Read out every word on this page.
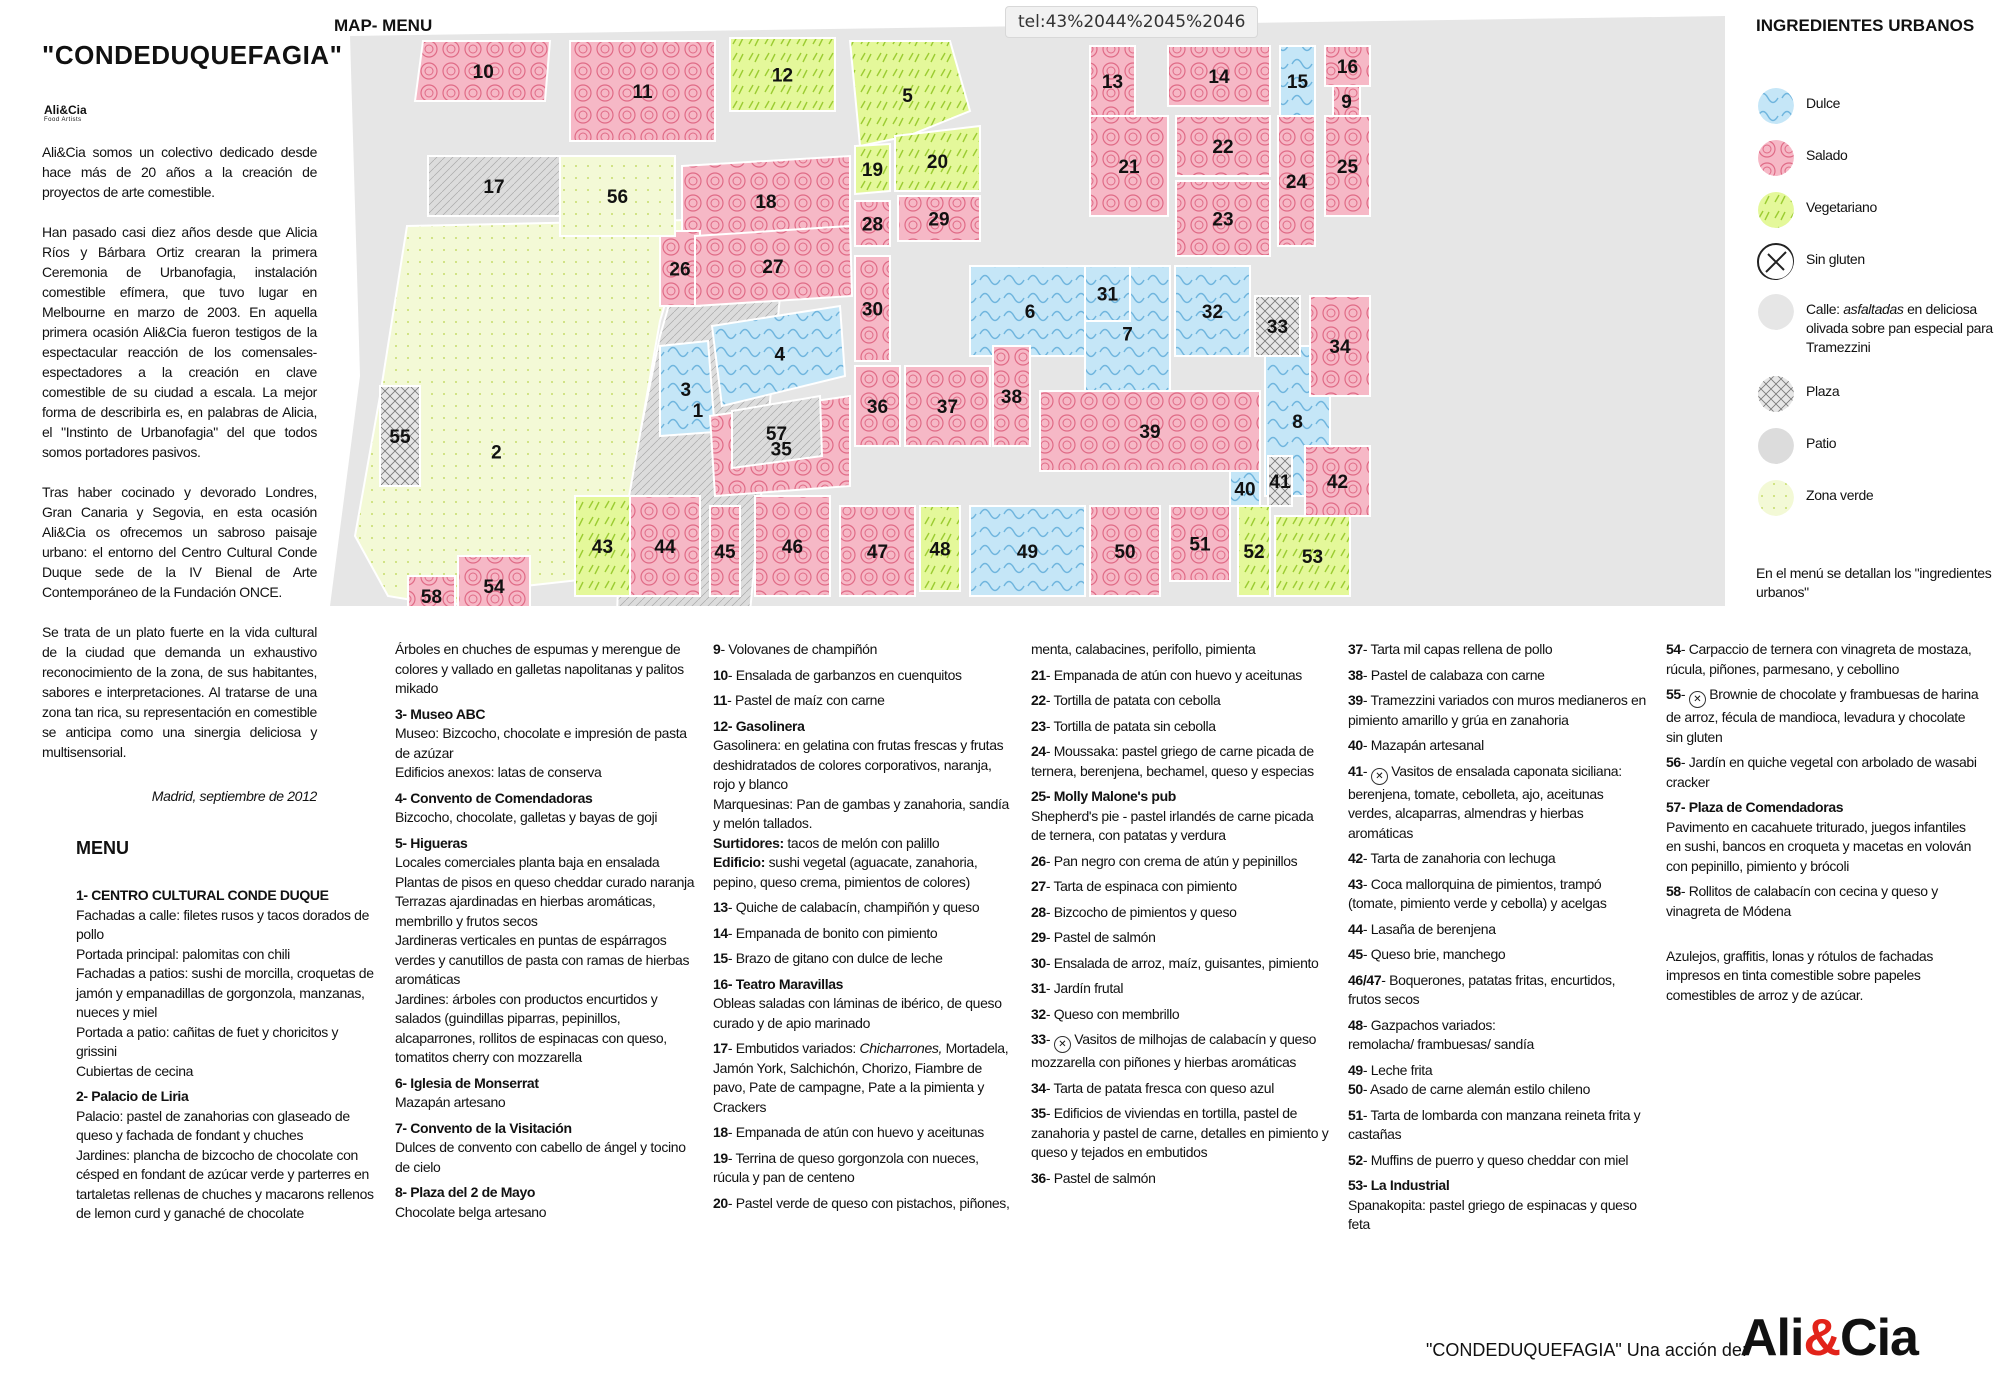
"CONDEDUQUEFAGIA"
Ali&Cia
Food Artists

Ali&Cia somos un colectivo dedicado desde hace más de 20 años a la creación de proyectos de arte comestible.

Han pasado casi diez años desde que Alicia Ríos y Bárbara Ortiz crearan la primera Ceremonia de Urbanofagia, instalación comestible efímera, que tuvo lugar en Melbourne en marzo de 2003. En aquella primera ocasión Ali&Cia fueron testigos de la espectacular reacción de los comensales-espectadores a la creación en clave comestible de su ciudad a escala. La mejor forma de describirla es, en palabras de Alicia, el "Instinto de Urbanofagia" del que todos somos portadores pasivos.

Tras haber cocinado y devorado Londres, Gran Canaria y Segovia, en esta ocasión Ali&Cia os ofrecemos un sabroso paisaje urbano: el entorno del Centro Cultural Conde Duque sede de la IV Bienal de Arte Contemporáneo de la Fundación ONCE.

Se trata de un plato fuerte en la vida cultural de la ciudad que demanda un exhaustivo reconocimiento de la zona, de sus habitantes, sabores e interpretaciones. Al tratarse de una zona tan rica, su representación en comestible se anticipa como una sinergia deliciosa y multisensorial.

Madrid, septiembre de 2012
MENU
MAP- MENU
1
2
3
4
5
6
7
8
9
10
11
12	13	14	15
16
17
18
19 20	21
22
23
24
25
26	27
28 29
30
31
32
33
34
35
36	37 38
39
40 41 42
43 44 45 46	47 48	49	50	51 52 53
54
55
56
57
58
tel:43%2044%2045%2046	INGREDIENTES URBANOS
Dulce
Salado
Vegetariano
Sin gluten
Calle: asfaltadas en deliciosa olivada sobre pan especial para Tramezzini
Plaza
Patio
Zona verde
En el menú se detallan los "ingredientes urbanos"
1- CENTRO CULTURAL CONDE DUQUE
Fachadas a calle: filetes rusos y tacos dorados de pollo
Portada principal: palomitas con chili
Fachadas a patios: sushi de morcilla, croquetas de jamón y empanadillas de gorgonzola, manzanas, nueces y miel
Portada a patio: cañitas de fuet y choricitos y grissini
Cubiertas de cecina
2- Palacio de Liria
Palacio: pastel de zanahorias con glaseado de queso y fachada de fondant y chuches
Jardines: plancha de bizcocho de chocolate con césped en fondant de azúcar verde y parterres en tartaletas rellenas de chuches y macarons rellenos de lemon curd y ganaché de chocolate
Árboles en chuches de espumas y merengue de colores y vallado en galletas napolitanas y palitos mikado
3- Museo ABC
Museo: Bizcocho, chocolate e impresión de pasta de azúzar
Edificios anexos: latas de conserva
4- Convento de Comendadoras
Bizcocho, chocolate, galletas y bayas de goji
5- Higueras
Locales comerciales planta baja en ensalada
Plantas de pisos en queso cheddar curado naranja
Terrazas ajardinadas en hierbas aromáticas, membrillo y frutos secos
Jardineras verticales en puntas de espárragos verdes y canutillos de pasta con ramas de hierbas aromáticas
Jardines: árboles con productos encurtidos y salados (guindillas piparras, pepinillos, alcaparrones, rollitos de espinacas con queso, tomatitos cherry con mozzarella
6- Iglesia de Monserrat
Mazapán artesano
7- Convento de la Visitación
Dulces de convento con cabello de ángel y tocino de cielo
8- Plaza del 2 de Mayo
Chocolate belga artesano
9- Volovanes de champiñón
10- Ensalada de garbanzos en cuenquitos
11- Pastel de maíz con carne
12- Gasolinera
Gasolinera: en gelatina con frutas frescas y frutas deshidratados de colores corporativos, naranja, rojo y blanco
Marquesinas: Pan de gambas y zanahoria, sandía y melón tallados.
Surtidores: tacos de melón con palillo
Edificio: sushi vegetal (aguacate, zanahoria, pepino, queso crema, pimientos de colores)
13- Quiche de calabacín, champiñón y queso
14- Empanada de bonito con pimiento
15- Brazo de gitano con dulce de leche
16- Teatro Maravillas
Obleas saladas con láminas de ibérico, de queso curado y de apio marinado
17- Embutidos variados: Chicharrones, Mortadela, Jamón York, Salchichón, Chorizo, Fiambre de pavo, Pate de campagne, Pate a la pimienta y Crackers
18- Empanada de atún con huevo y aceitunas
19- Terrina de queso gorgonzola con nueces, rúcula y pan de centeno
20- Pastel verde de queso con pistachos, piñones,
menta, calabacines, perifollo, pimienta
21- Empanada de atún con huevo y aceitunas
22- Tortilla de patata con cebolla
23- Tortilla de patata sin cebolla
24- Moussaka: pastel griego de carne picada de ternera, berenjena, bechamel, queso y especias
25- Molly Malone's pub
Shepherd's pie - pastel irlandés de carne picada de ternera, con patatas y verdura
26- Pan negro con crema de atún y pepinillos
27- Tarta de espinaca con pimiento
28- Bizcocho de pimientos y queso
29- Pastel de salmón
30- Ensalada de arroz, maíz, guisantes, pimiento
31- Jardín frutal
32- Queso con membrillo
33- ✕ Vasitos de milhojas de calabacín y queso mozzarella con piñones y hierbas aromáticas
34- Tarta de patata fresca con queso azul
35- Edificios de viviendas en tortilla, pastel de zanahoria y pastel de carne, detalles en pimiento y queso y tejados en embutidos
36- Pastel de salmón
37- Tarta mil capas rellena de pollo
38- Pastel de calabaza con carne
39- Tramezzini variados con muros medianeros en pimiento amarillo y grúa en zanahoria
40- Mazapán artesanal
41- ✕ Vasitos de ensalada caponata siciliana: berenjena, tomate, cebolleta, ajo, aceitunas verdes, alcaparras, almendras y hierbas aromáticas
42- Tarta de zanahoria con lechuga
43- Coca mallorquina de pimientos, trampó (tomate, pimiento verde y cebolla) y acelgas
44- Lasaña de berenjena
45- Queso brie, manchego
46/47- Boquerones, patatas fritas, encurtidos, frutos secos
48- Gazpachos variados:
remolacha/ frambuesas/ sandía
49- Leche frita
50- Asado de carne alemán estilo chileno
51- Tarta de lombarda con manzana reineta frita y castañas
52- Muffins de puerro y queso cheddar con miel
53- La Industrial
Spanakopita: pastel griego de espinacas y queso feta
54- Carpaccio de ternera con vinagreta de mostaza, rúcula, piñones, parmesano, y cebollino
55- ✕ Brownie de chocolate y frambuesas de harina de arroz, fécula de mandioca, levadura y chocolate sin gluten
56- Jardín en quiche vegetal con arbolado de wasabi cracker
57- Plaza de Comendadoras
Pavimento en cacahuete triturado, juegos infantiles en sushi, bancos en croqueta y macetas en volován con pepinillo, pimiento y brócoli
58- Rollitos de calabacín con cecina y queso y vinagreta de Módena

Azulejos, graffitis, lonas y rótulos de fachadas impresos en tinta comestible sobre papeles comestibles de arroz y de azúcar.
"CONDEDUQUEFAGIA" Una acción de:
Ali&Cia
